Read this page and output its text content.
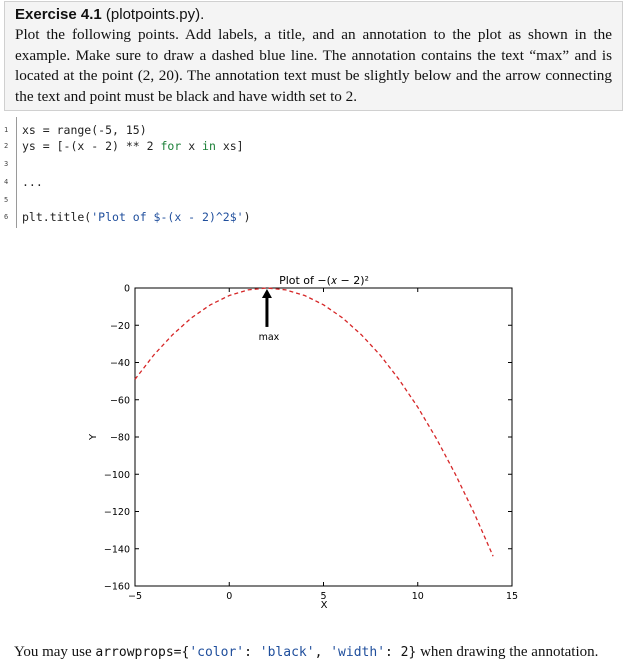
Exercise 4.1 (plotpoints.py).

Plot the following points. Add labels, a title, and an annotation to the plot as shown in the example. Make sure to draw a dashed blue line. The annotation contains the text “max” and is located at the point (2, 20). The annotation text must be slightly below and the arrow connecting the text and point must be black and have width set to 2.

1	xs = range(-5, 15)
2	ys = [-(x - 2) ** 2 for x in xs]
3
4	...
5
6	plt.title('Plot of $-(x - 2)^2$')
Plot of −(𝑥 − 2)²
0
−20
−40
−60
−80
−100
−120
−140
−160
−5	0	5	10	15
max
X
Y
You may use arrowprops={'color': 'black', 'width': 2} when drawing the annotation.
